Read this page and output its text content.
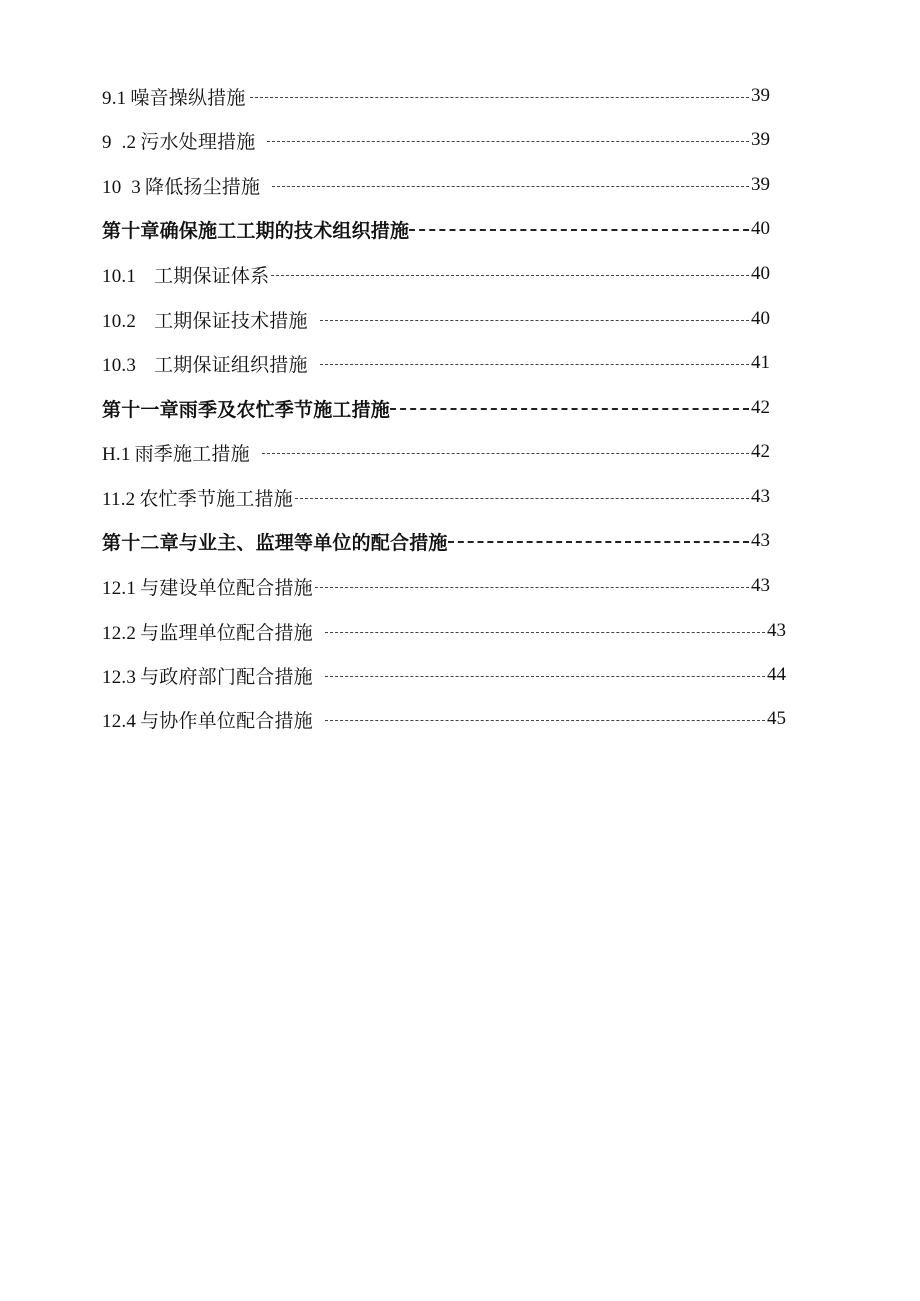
9.1 噪音操纵措施	39
9  .2 污水处理措施	39
10  3 降低扬尘措施	39
第十章确保施工工期的技术组织措施	40
10.1 工期保证体系	40
10.2 工期保证技术措施	40
10.3 工期保证组织措施	41
第十一章雨季及农忙季节施工措施	42
H.1 雨季施工措施	42
11.2 农忙季节施工措施	43
第十二章与业主、监理等单位的配合措施	43
12.1 与建设单位配合措施	43
12.2 与监理单位配合措施	43
12.3 与政府部门配合措施	44
12.4 与协作单位配合措施	45
